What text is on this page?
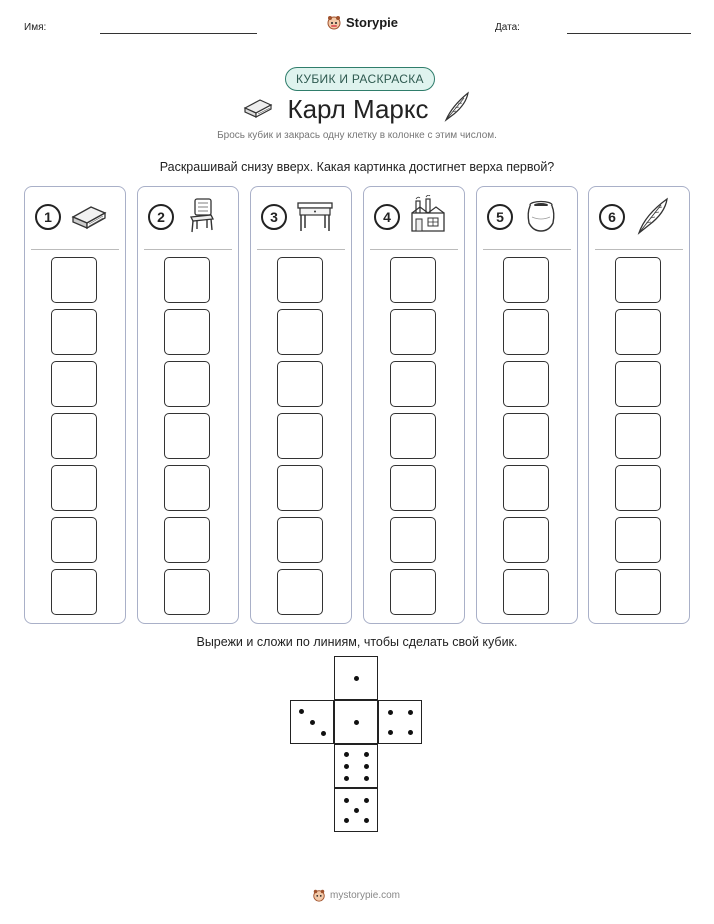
Имя:	Storypie	Дата:
КУБИК И РАСКРАСКА
Карл Маркс
Брось кубик и закрась одну клетку в колонке с этим числом.
Раскрашивай снизу вверх. Какая картинка достигнет верха первой?
1	2	3	4	5	6
Вырежи и сложи по линиям, чтобы сделать свой кубик.
mystorypie.com
